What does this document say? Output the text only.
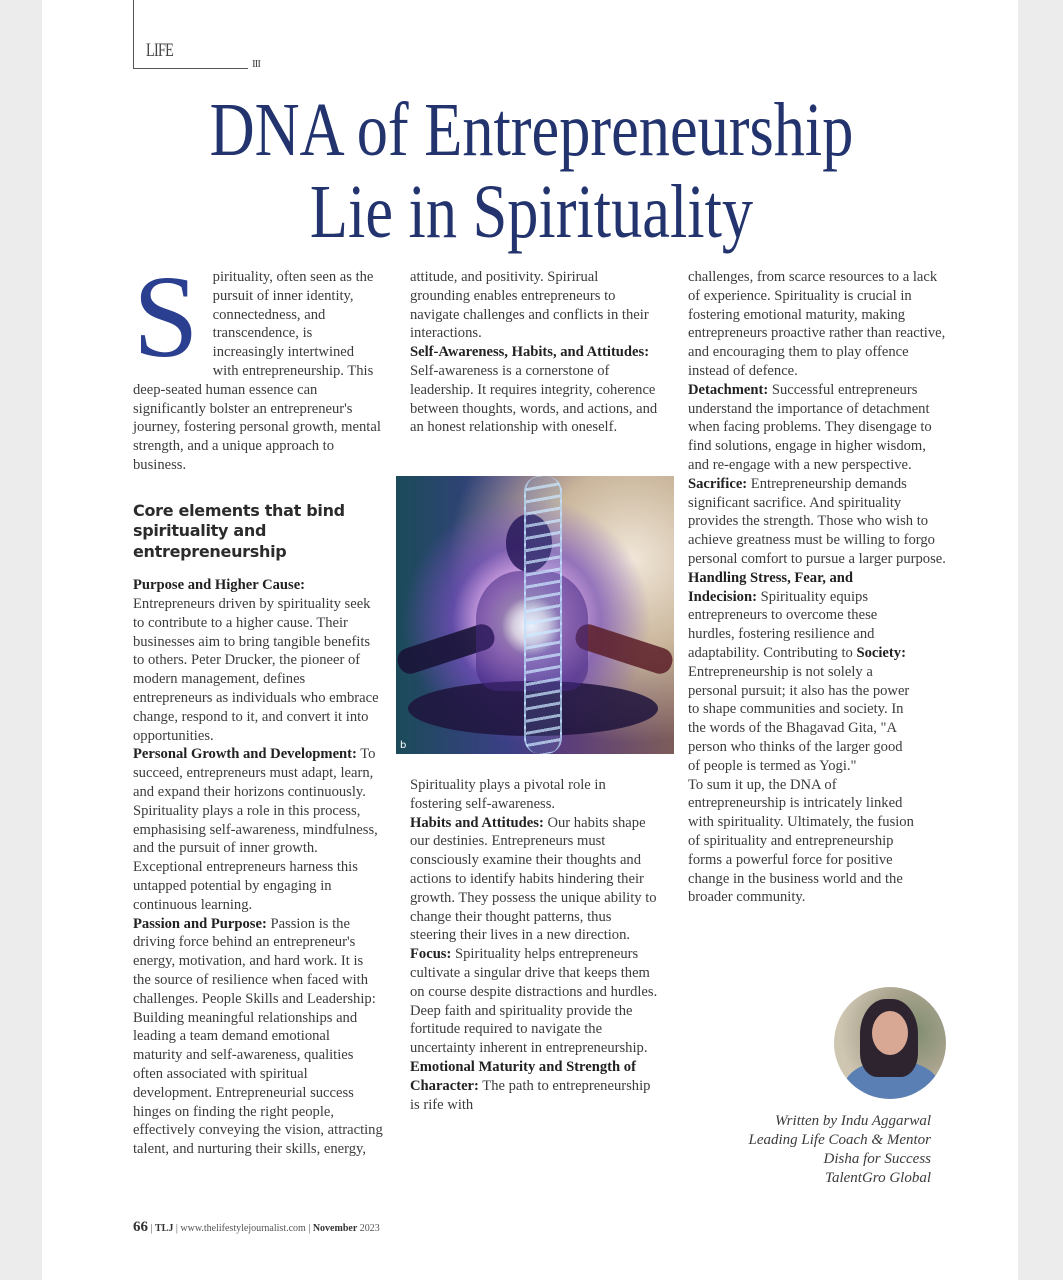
LIFE
III
DNA of Entrepreneurship
Lie in Spirituality

S pirituality, often seen as the pursuit of inner identity, connectedness, and transcendence, is increasingly intertwined with entrepreneurship. This deep-seated human essence can significantly bolster an entrepreneur's journey, fostering personal growth, mental strength, and a unique approach to business.

Core elements that bind spirituality and entrepreneurship

Purpose and Higher Cause: Entrepreneurs driven by spirituality seek to contribute to a higher cause. Their businesses aim to bring tangible benefits to others. Peter Drucker, the pioneer of modern management, defines entrepreneurs as individuals who embrace change, respond to it, and convert it into opportunities.

Personal Growth and Development: To succeed, entrepreneurs must adapt, learn, and expand their horizons continuously. Spirituality plays a role in this process, emphasising self-awareness, mindfulness, and the pursuit of inner growth. Exceptional entrepreneurs harness this untapped potential by engaging in continuous learning.

Passion and Purpose: Passion is the driving force behind an entrepreneur's energy, motivation, and hard work. It is the source of resilience when faced with challenges. People Skills and Leadership: Building meaningful relationships and leading a team demand emotional maturity and self-awareness, qualities often associated with spiritual development. Entrepreneurial success hinges on finding the right people, effectively conveying the vision, attracting talent, and nurturing their skills, energy,

attitude, and positivity. Spirirual grounding enables entrepreneurs to navigate challenges and conflicts in their interactions.

Self-Awareness, Habits, and Attitudes: Self-awareness is a cornerstone of leadership. It requires integrity, coherence between thoughts, words, and actions, and an honest relationship with oneself.

b

Spirituality plays a pivotal role in fostering self-awareness.

Habits and Attitudes: Our habits shape our destinies. Entrepreneurs must consciously examine their thoughts and actions to identify habits hindering their growth. They possess the unique ability to change their thought patterns, thus steering their lives in a new direction.

Focus: Spirituality helps entrepreneurs cultivate a singular drive that keeps them on course despite distractions and hurdles. Deep faith and spirituality provide the fortitude required to navigate the uncertainty inherent in entrepreneurship.

Emotional Maturity and Strength of Character: The path to entrepreneurship is rife with

challenges, from scarce resources to a lack of experience. Spirituality is crucial in fostering emotional maturity, making entrepreneurs proactive rather than reactive, and encouraging them to play offence instead of defence.

Detachment: Successful entrepreneurs understand the importance of detachment when facing problems. They disengage to find solutions, engage in higher wisdom, and re-engage with a new perspective.

Sacrifice: Entrepreneurship demands significant sacrifice. And spirituality provides the strength. Those who wish to achieve greatness must be willing to forgo personal comfort to pursue a larger purpose.

Handling Stress, Fear, and Indecision: Spirituality equips entrepreneurs to overcome these hurdles, fostering resilience and adaptability. Contributing to Society: Entrepreneurship is not solely a personal pursuit; it also has the power to shape communities and society. In the words of the Bhagavad Gita, "A person who thinks of the larger good of people is termed as Yogi."

To sum it up, the DNA of entrepreneurship is intricately linked with spirituality. Ultimately, the fusion of spirituality and entrepreneurship forms a powerful force for positive change in the business world and the broader community.

Written by Indu Aggarwal
Leading Life Coach & Mentor
Disha for Success
TalentGro Global
66 | TLJ | www.thelifestylejournalist.com | November 2023
